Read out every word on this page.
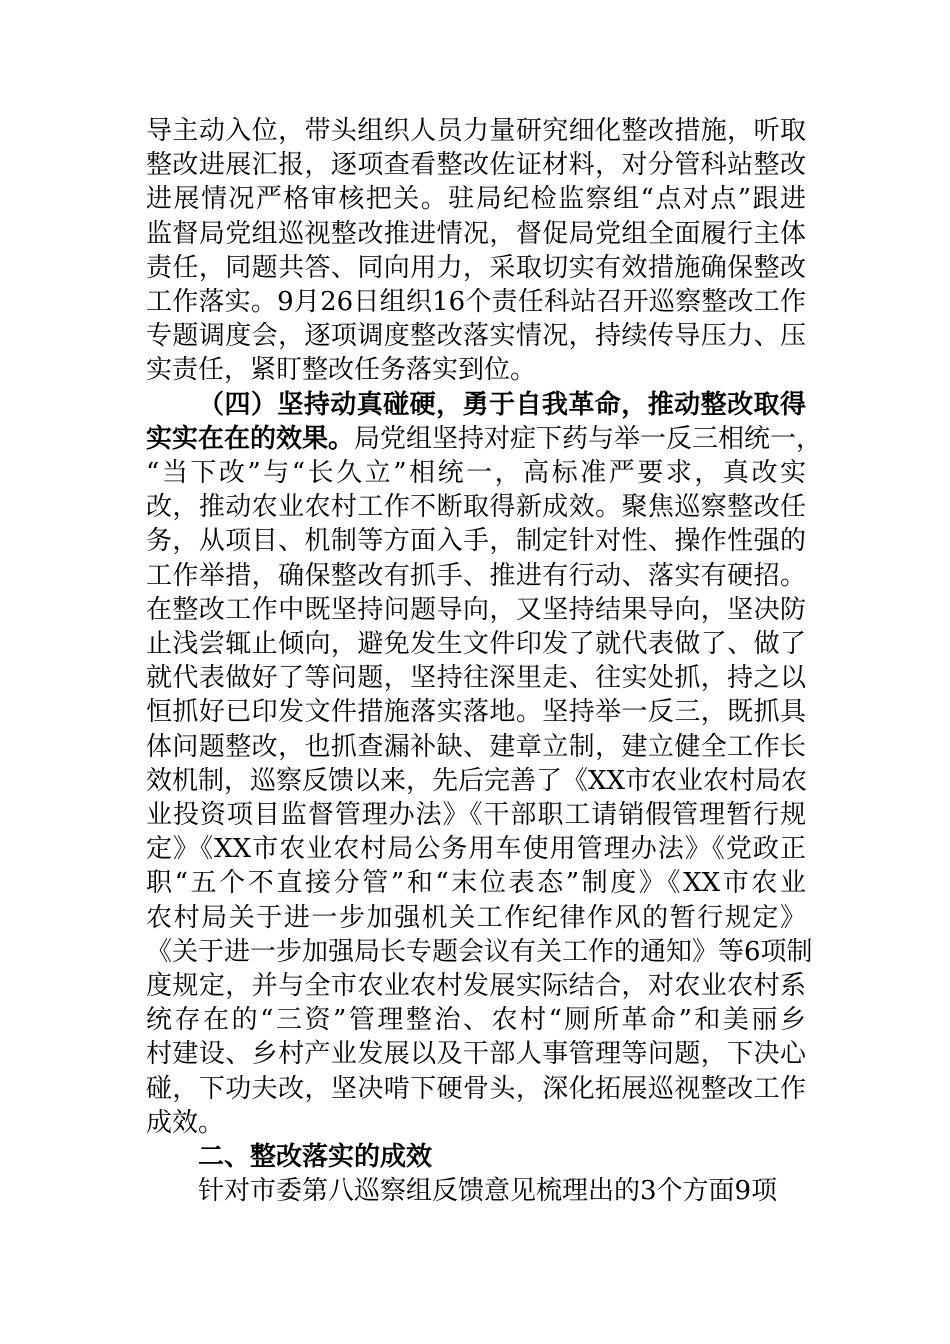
导主动入位，带头组织人员力量研究细化整改措施，听取
整改进展汇报，逐项查看整改佐证材料，对分管科站整改
进展情况严格审核把关。驻局纪检监察组“点对点”跟进
监督局党组巡视整改推进情况，督促局党组全面履行主体
责任，同题共答、同向用力，采取切实有效措施确保整改
工作落实。9月26日组织16个责任科站召开巡察整改工作
专题调度会，逐项调度整改落实情况，持续传导压力、压
实责任，紧盯整改任务落实到位。
（四）坚持动真碰硬，勇于自我革命，推动整改取得
实实在在的效果。局党组坚持对症下药与举一反三相统一，
“当下改”与“长久立”相统一，高标准严要求，真改实
改，推动农业农村工作不断取得新成效。聚焦巡察整改任
务，从项目、机制等方面入手，制定针对性、操作性强的
工作举措，确保整改有抓手、推进有行动、落实有硬招。
在整改工作中既坚持问题导向，又坚持结果导向，坚决防
止浅尝辄止倾向，避免发生文件印发了就代表做了、做了
就代表做好了等问题，坚持往深里走、往实处抓，持之以
恒抓好已印发文件措施落实落地。坚持举一反三，既抓具
体问题整改，也抓查漏补缺、建章立制，建立健全工作长
效机制，巡察反馈以来，先后完善了《XX市农业农村局农
业投资项目监督管理办法》《干部职工请销假管理暂行规
定》《XX市农业农村局公务用车使用管理办法》《党政正
职“五个不直接分管”和“末位表态”制度》《XX市农业
农村局关于进一步加强机关工作纪律作风的暂行规定》
《关于进一步加强局长专题会议有关工作的通知》等6项制
度规定，并与全市农业农村发展实际结合，对农业农村系
统存在的“三资”管理整治、农村“厕所革命”和美丽乡
村建设、乡村产业发展以及干部人事管理等问题，下决心
碰，下功夫改，坚决啃下硬骨头，深化拓展巡视整改工作
成效。
二、整改落实的成效
针对市委第八巡察组反馈意见梳理出的3个方面9项
